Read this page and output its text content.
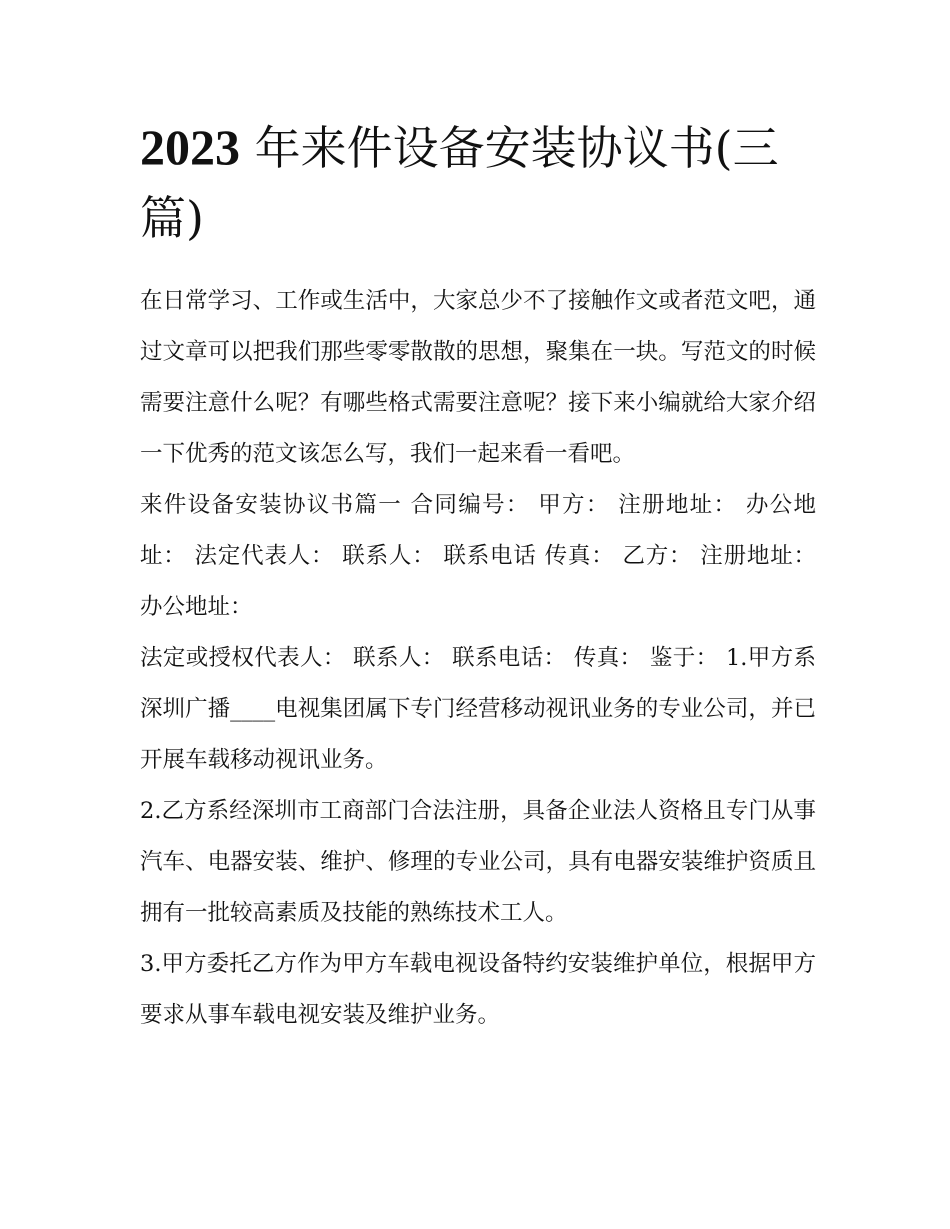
2023 年来件设备安装协议书(三篇)

在日常学习、工作或生活中，大家总少不了接触作文或者范文吧，通过文章可以把我们那些零零散散的思想，聚集在一块。写范文的时候需要注意什么呢？有哪些格式需要注意呢？接下来小编就给大家介绍一下优秀的范文该怎么写，我们一起来看一看吧。

来件设备安装协议书篇一 合同编号： 甲方： 注册地址： 办公地址： 法定代表人： 联系人： 联系电话 传真： 乙方： 注册地址： 办公地址：

法定或授权代表人： 联系人： 联系电话： 传真： 鉴于： 1.甲方系深圳广播____电视集团属下专门经营移动视讯业务的专业公司，并已开展车载移动视讯业务。

2.乙方系经深圳市工商部门合法注册，具备企业法人资格且专门从事汽车、电器安装、维护、修理的专业公司，具有电器安装维护资质且拥有一批较高素质及技能的熟练技术工人。

3.甲方委托乙方作为甲方车载电视设备特约安装维护单位，根据甲方要求从事车载电视安装及维护业务。
